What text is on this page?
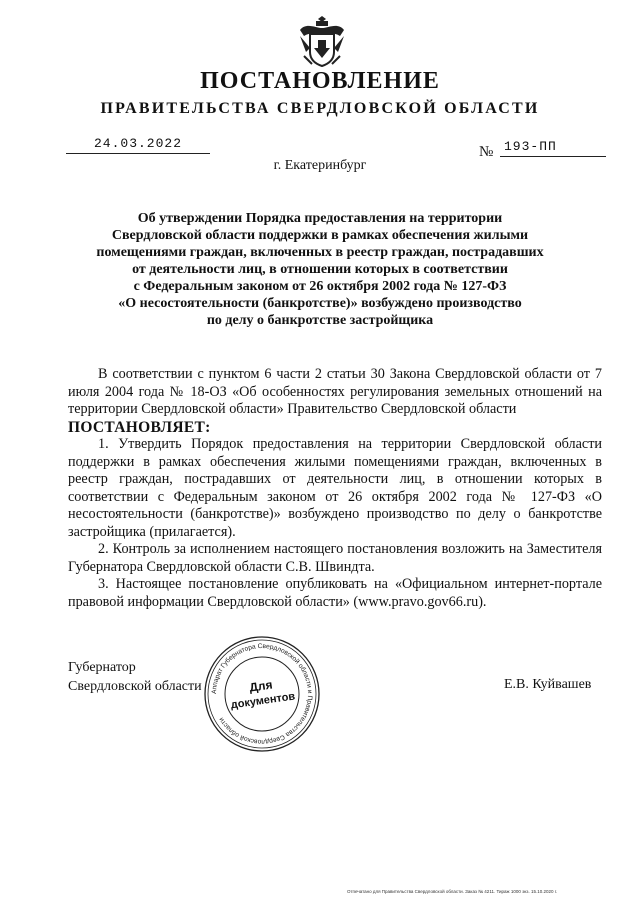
ПОСТАНОВЛЕНИЕ
ПРАВИТЕЛЬСТВА СВЕРДЛОВСКОЙ ОБЛАСТИ
24.03.2022
№ 193-ПП
г. Екатеринбург
Об утверждении Порядка предоставления на территории
Свердловской области поддержки в рамках обеспечения жилыми
помещениями граждан, включенных в реестр граждан, пострадавших
от деятельности лиц, в отношении которых в соответствии
с Федеральным законом от 26 октября 2002 года № 127-ФЗ
«О несостоятельности (банкротстве)» возбуждено производство
по делу о банкротстве застройщика

В соответствии с пунктом 6 части 2 статьи 30 Закона Свердловской области от 7 июля 2004 года № 18-ОЗ «Об особенностях регулирования земельных отношений на территории Свердловской области» Правительство Свердловской области

ПОСТАНОВЛЯЕТ:

1. Утвердить Порядок предоставления на территории Свердловской области поддержки в рамках обеспечения жилыми помещениями граждан, включенных в реестр граждан, пострадавших от деятельности лиц, в отношении которых в соответствии с Федеральным законом от 26 октября 2002 года № 127-ФЗ «О несостоятельности (банкротстве)» возбуждено производство по делу о банкротстве застройщика (прилагается).

2. Контроль за исполнением настоящего постановления возложить на Заместителя Губернатора Свердловской области С.В. Швиндта.

3. Настоящее постановление опубликовать на «Официальном интернет-портале правовой информации Свердловской области» (www.pravo.gov66.ru).

Губернатор
Свердловской области	Е.В. Куйвашев
Аппарат Губернатора Свердловской области и Правительства Свердловской области
Для
документов
Отпечатано для Правительства Свердловской области. Заказ № 4211. Тираж 1000 экз. 15.10.2020 г.
